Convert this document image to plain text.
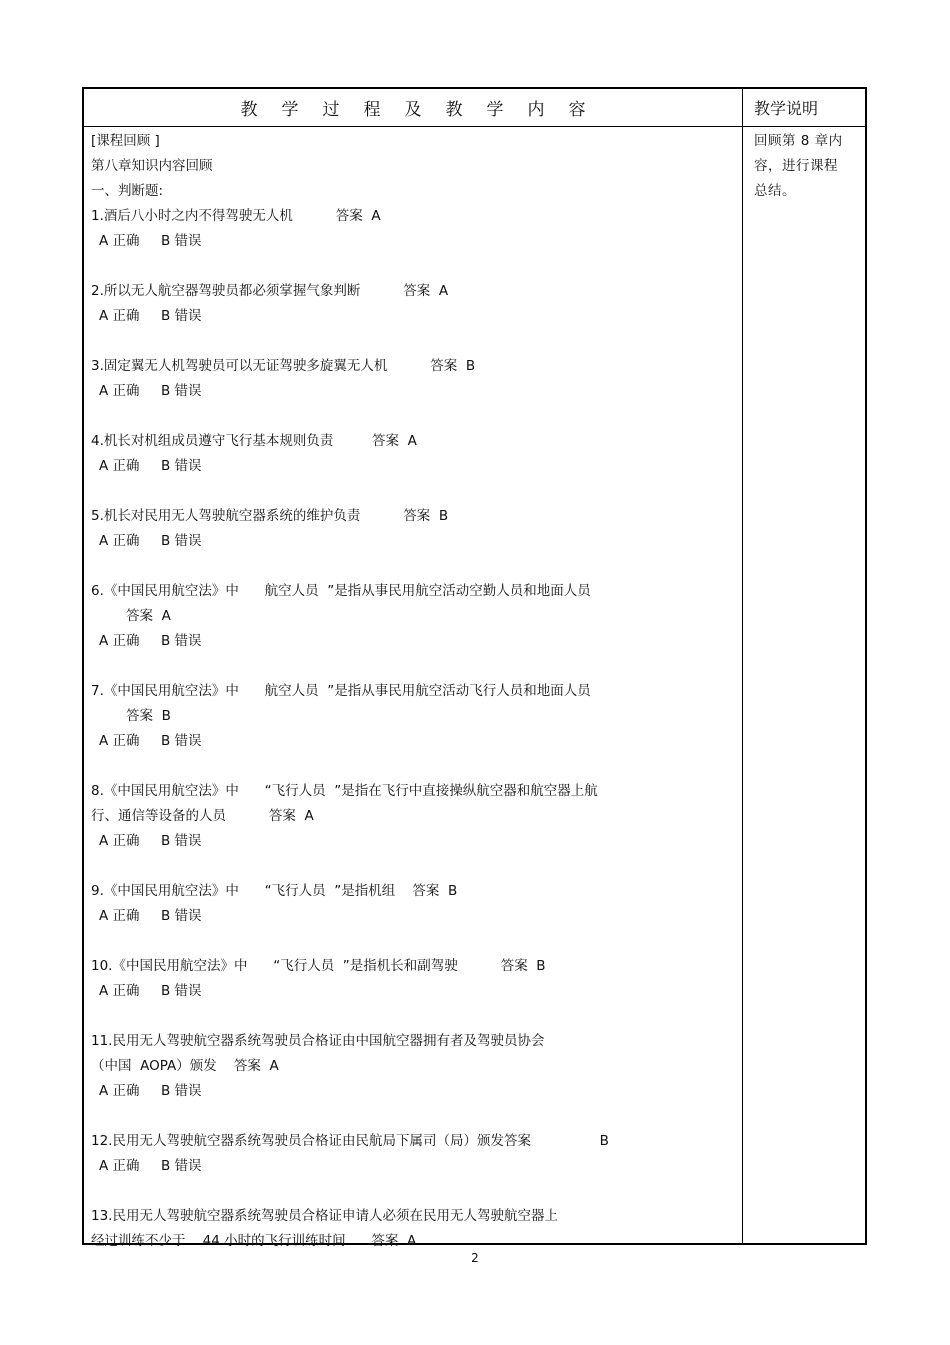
教学过程及教学内容	教学说明
[课程回顾 ]
第八章知识内容回顾
一、判断题:
1.酒后八小时之内不得驾驶无人机          答案  A
A 正确     B 错误
2.所以无人航空器驾驶员都必须掌握气象判断          答案  A
A 正确     B 错误
3.固定翼无人机驾驶员可以无证驾驶多旋翼无人机          答案  B
A 正确     B 错误
4.机长对机组成员遵守飞行基本规则负责         答案  A
A 正确     B 错误
5.机长对民用无人驾驶航空器系统的维护负责          答案  B
A 正确     B 错误
6.《中国民用航空法》中      航空人员  ”是指从事民用航空活动空勤人员和地面人员
答案  A
A 正确     B 错误
7.《中国民用航空法》中      航空人员  ”是指从事民用航空活动飞行人员和地面人员
答案  B
A 正确     B 错误
8.《中国民用航空法》中      “飞行人员  ”是指在飞行中直接操纵航空器和航空器上航
行、通信等设备的人员          答案  A
A 正确     B 错误
9.《中国民用航空法》中      “飞行人员  ”是指机组    答案  B
A 正确     B 错误
10.《中国民用航空法》中      “飞行人员  ”是指机长和副驾驶          答案  B
A 正确     B 错误
11.民用无人驾驶航空器系统驾驶员合格证由中国航空器拥有者及驾驶员协会
（中国  AOPA）颁发    答案  A
A 正确     B 错误
12.民用无人驾驶航空器系统驾驶员合格证由民航局下属司（局）颁发答案                B
A 正确     B 错误
13.民用无人驾驶航空器系统驾驶员合格证申请人必须在民用无人驾驶航空器上
经过训练不少于    44 小时的飞行训练时间      答案  A
回顾第 8 章内
容，进行课程
总结。
2
